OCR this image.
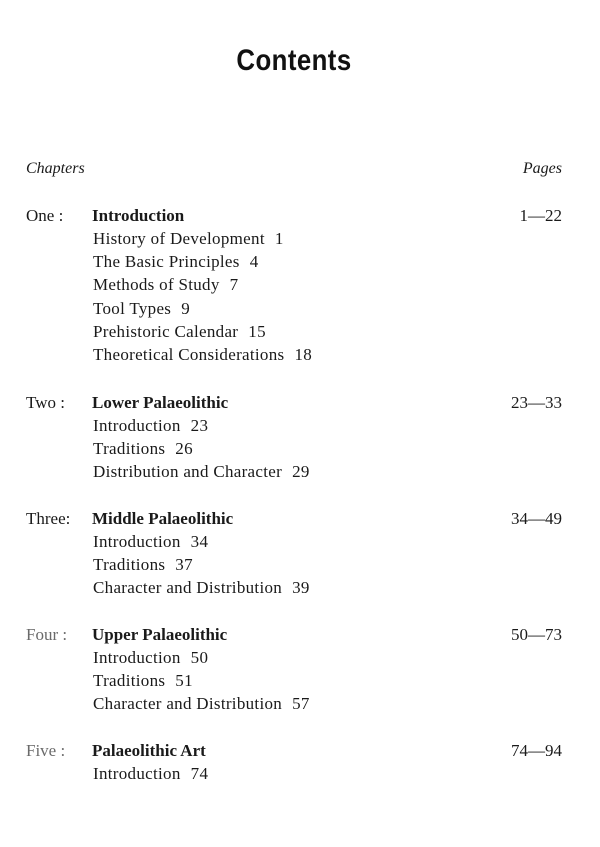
Contents
Chapters	Pages
One : Introduction	1—22
History of Development 1
The Basic Principles 4
Methods of Study 7
Tool Types 9
Prehistoric Calendar 15
Theoretical Considerations 18
Two : Lower Palaeolithic	23—33
Introduction 23
Traditions 26
Distribution and Character 29
Three: Middle Palaeolithic	34—49
Introduction 34
Traditions 37
Character and Distribution 39
Four : Upper Palaeolithic	50—73
Introduction 50
Traditions 51
Character and Distribution 57
Five : Palaeolithic Art	74—94
Introduction 74
